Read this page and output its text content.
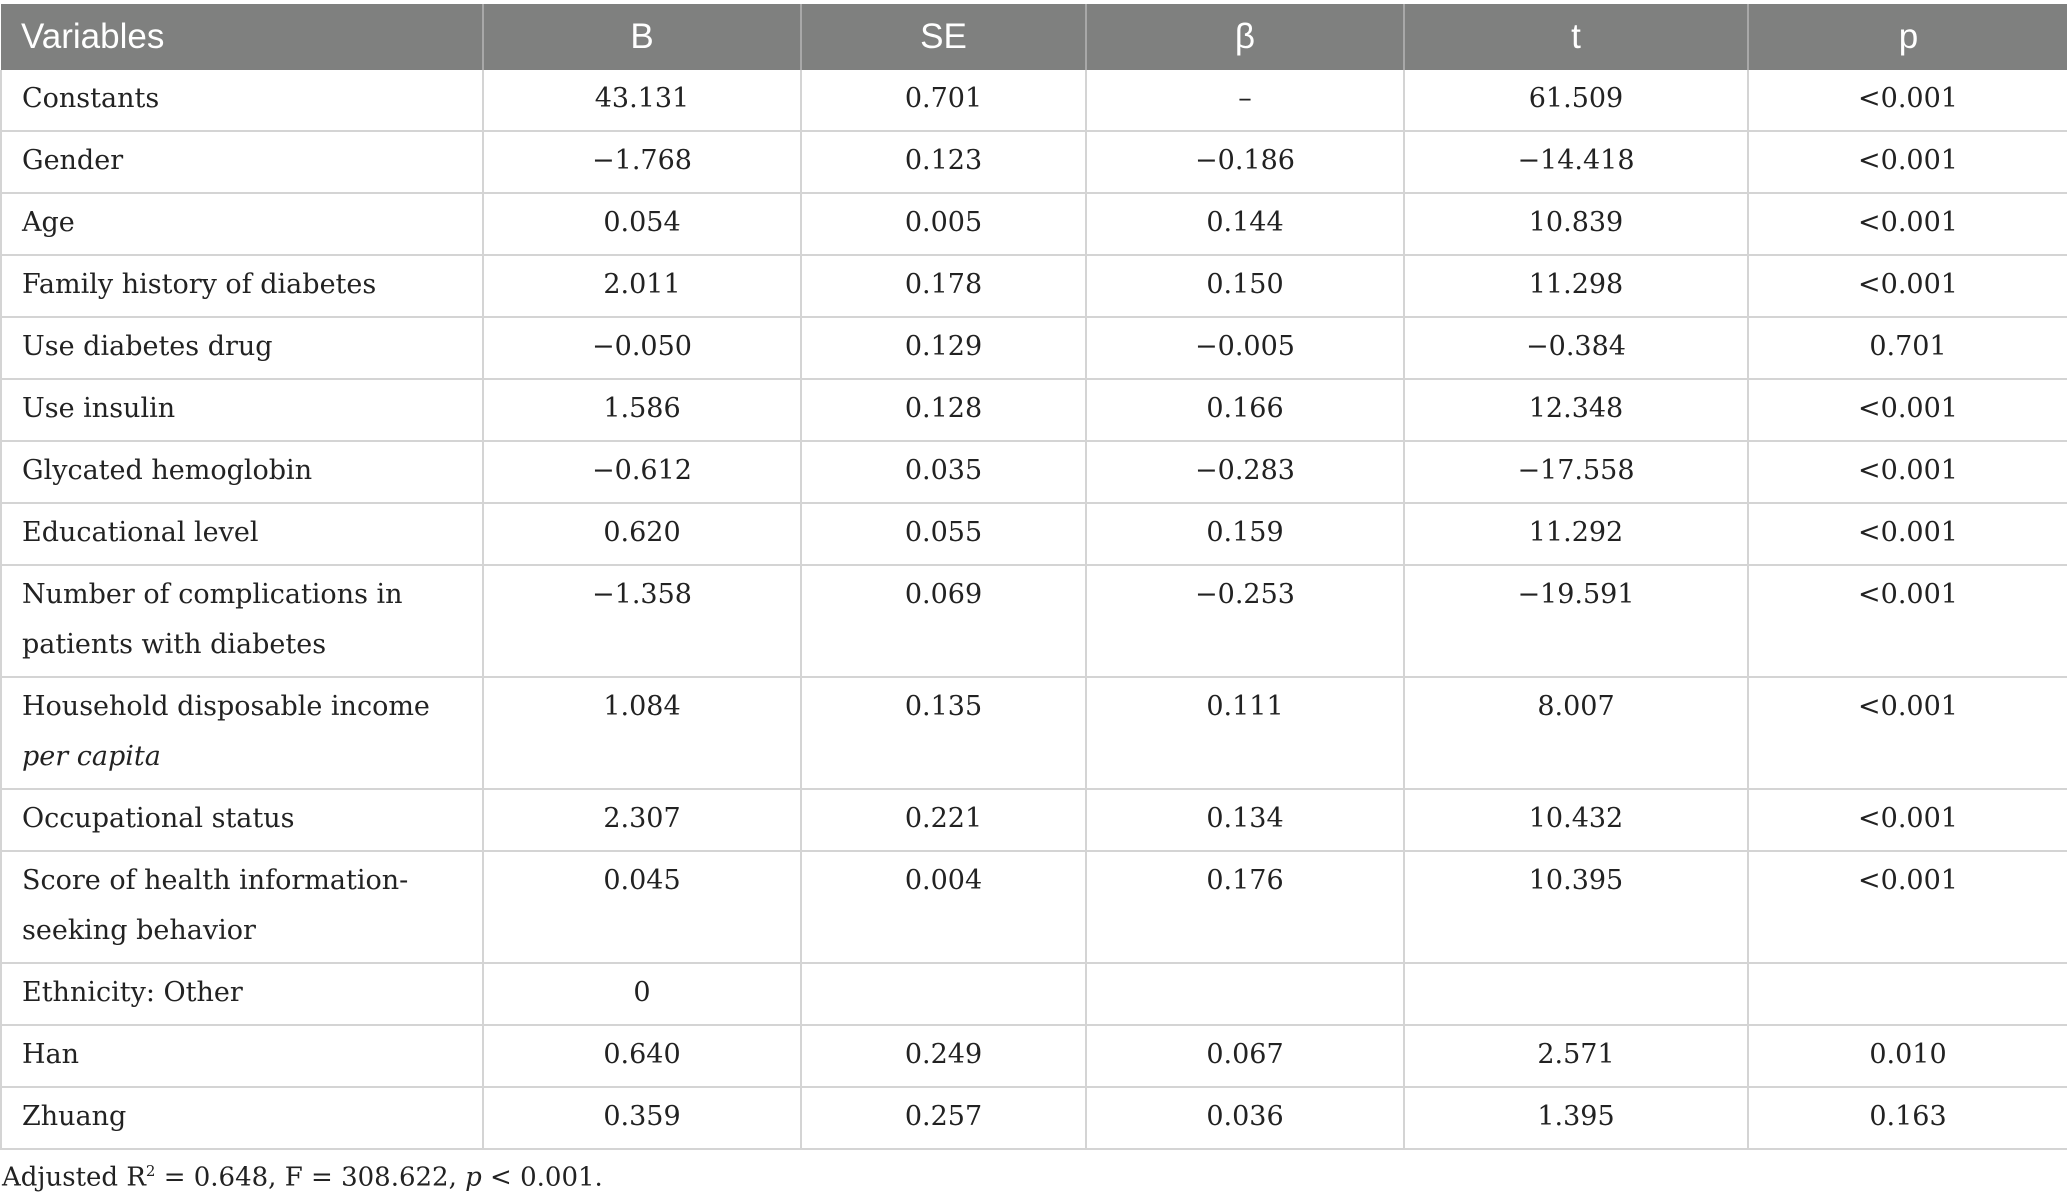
Variables	B	SE	β	t	p

Constants	43.131	0.701	–	61.509	<0.001

Gender	−1.768	0.123	−0.186	−14.418	<0.001

Age	0.054	0.005	0.144	10.839	<0.001

Family history of diabetes	2.011	0.178	0.150	11.298	<0.001

Use diabetes drug	−0.050	0.129	−0.005	−0.384	0.701

Use insulin	1.586	0.128	0.166	12.348	<0.001

Glycated hemoglobin	−0.612	0.035	−0.283	−17.558	<0.001

Educational level	0.620	0.055	0.159	11.292	<0.001

Number of complications in patients with diabetes	−1.358	0.069	−0.253	−19.591	<0.001

Household disposable income per capita	1.084	0.135	0.111	8.007	<0.001

Occupational status	2.307	0.221	0.134	10.432	<0.001

Score of health information-seeking behavior	0.045	0.004	0.176	10.395	<0.001

Ethnicity: Other	0				

Han	0.640	0.249	0.067	2.571	0.010

Zhuang	0.359	0.257	0.036	1.395	0.163
Adjusted $R^2 = 0.648$, F = 308.622, p < 0.001.
